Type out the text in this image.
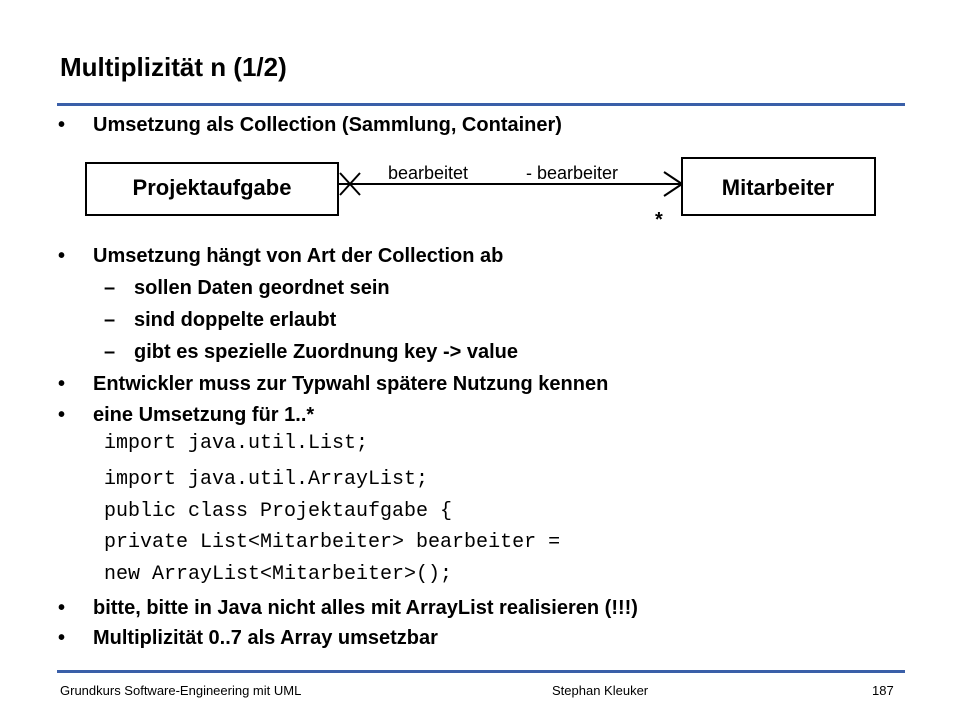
Multiplizität n (1/2)
• Umsetzung als Collection (Sammlung, Container)
Projektaufgabe	Mitarbeiter
bearbeitet	- bearbeiter
*
• Umsetzung hängt von Art der Collection ab
– sollen Daten geordnet sein
– sind doppelte erlaubt
– gibt es spezielle Zuordnung key -> value
• Entwickler muss zur Typwahl spätere Nutzung kennen
• eine Umsetzung für 1..*
import java.util.List;
import java.util.ArrayList;
public class Projektaufgabe {
private List<Mitarbeiter> bearbeiter =
new ArrayList<Mitarbeiter>();
• bitte, bitte in Java nicht alles mit ArrayList realisieren (!!!)
• Multiplizität 0..7 als Array umsetzbar
Grundkurs Software-Engineering mit UML	Stephan Kleuker	187
